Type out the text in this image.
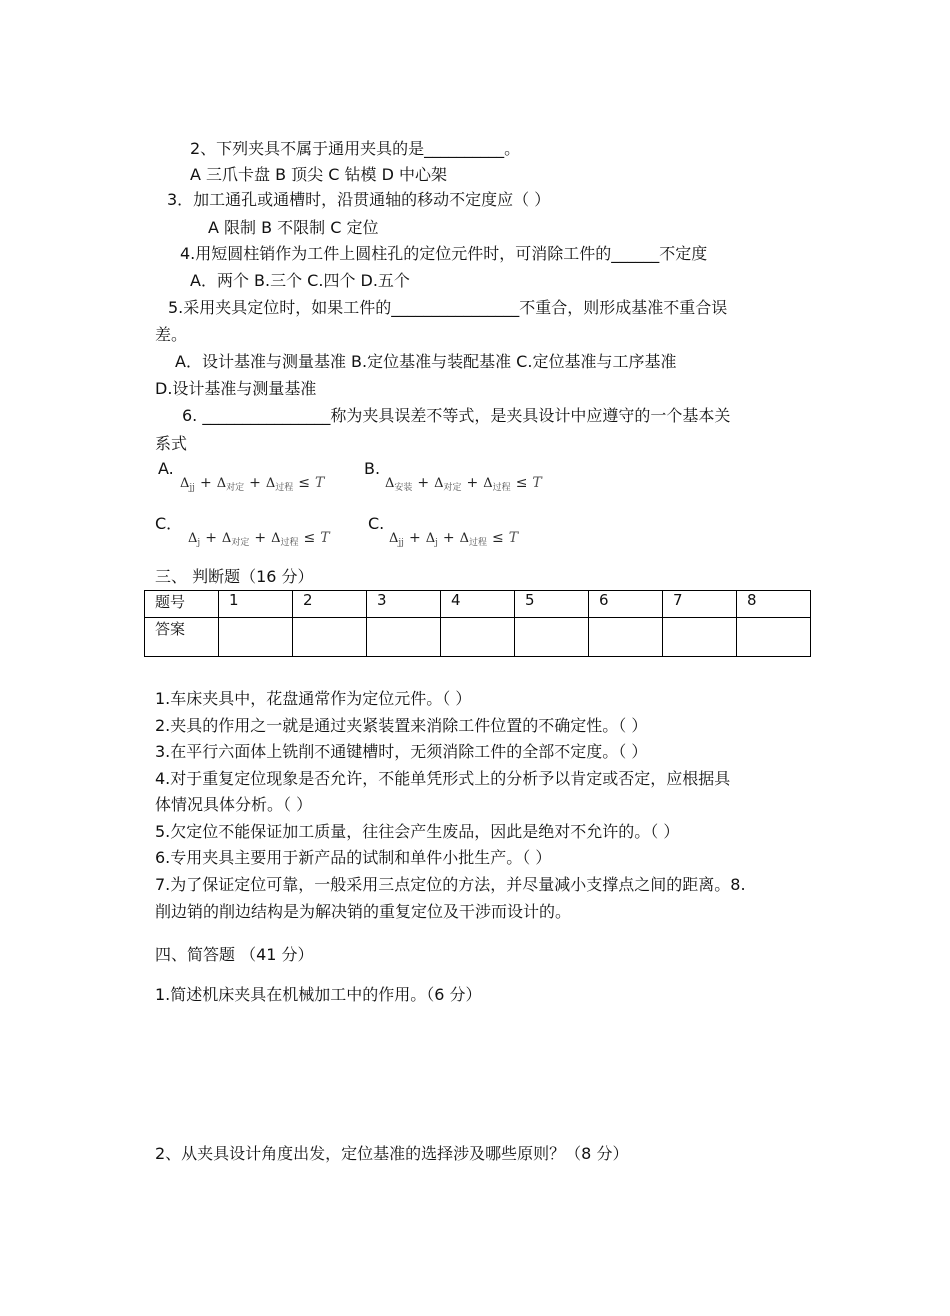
2、下列夹具不属于通用夹具的是__________。
A 三爪卡盘 B 顶尖 C 钻模 D 中心架
3．加工通孔或通槽时，沿贯通轴的移动不定度应（ ）
A 限制 B 不限制 C 定位
4.用短圆柱销作为工件上圆柱孔的定位元件时，可消除工件的______不定度
A．两个 B.三个 C.四个 D.五个
5.采用夹具定位时，如果工件的________________不重合，则形成基准不重合误
差。
A．设计基准与测量基准 B.定位基准与装配基准 C.定位基准与工序基准
D.设计基准与测量基准
6. ________________称为夹具误差不等式，是夹具设计中应遵守的一个基本关
系式
A.
$\Delta_{jj} + \Delta_{对定} + \Delta_{过程} \le T$
B.
$\Delta_{安装} + \Delta_{对定} + \Delta_{过程} \le T$
C．
$\Delta_j + \Delta_{对定} + \Delta_{过程} \le T$
C.
$\Delta_{jj} + \Delta_j + \Delta_{过程} \le T$
三、 判断题（16 分）
题号	1	2	3	4	5	6	7	8
答案								
1.车床夹具中，花盘通常作为定位元件。（ ）
2.夹具的作用之一就是通过夹紧装置来消除工件位置的不确定性。（ ）
3.在平行六面体上铣削不通键槽时，无须消除工件的全部不定度。（ ）
4.对于重复定位现象是否允许，不能单凭形式上的分析予以肯定或否定，应根据具
体情况具体分析。（ ）
5.欠定位不能保证加工质量，往往会产生废品，因此是绝对不允许的。（ ）
6.专用夹具主要用于新产品的试制和单件小批生产。（ ）
7.为了保证定位可靠，一般采用三点定位的方法，并尽量减小支撑点之间的距离。8.
削边销的削边结构是为解决销的重复定位及干涉而设计的。
四、简答题 （41 分）
1.简述机床夹具在机械加工中的作用。（6 分）
2、从夹具设计角度出发，定位基准的选择涉及哪些原则？（8 分）
